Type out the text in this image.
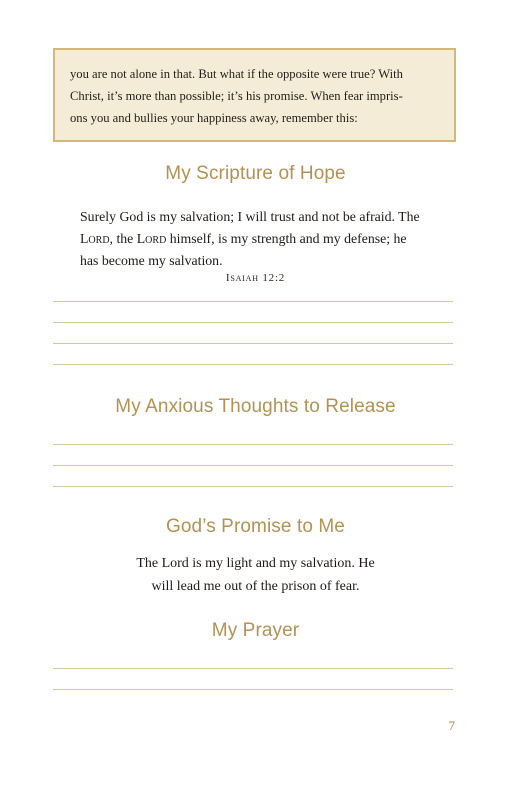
you are not alone in that. But what if the opposite were true? With
Christ, it’s more than possible; it’s his promise. When fear impris-
ons you and bullies your happiness away, remember this:
My Scripture of Hope
Surely God is my salvation; I will trust and not be afraid. The
Lord, the Lord himself, is my strength and my defense; he
has become my salvation.
Isaiah 12:2
My Anxious Thoughts to Release
God’s Promise to Me
The Lord is my light and my salvation. He
will lead me out of the prison of fear.
My Prayer
7
